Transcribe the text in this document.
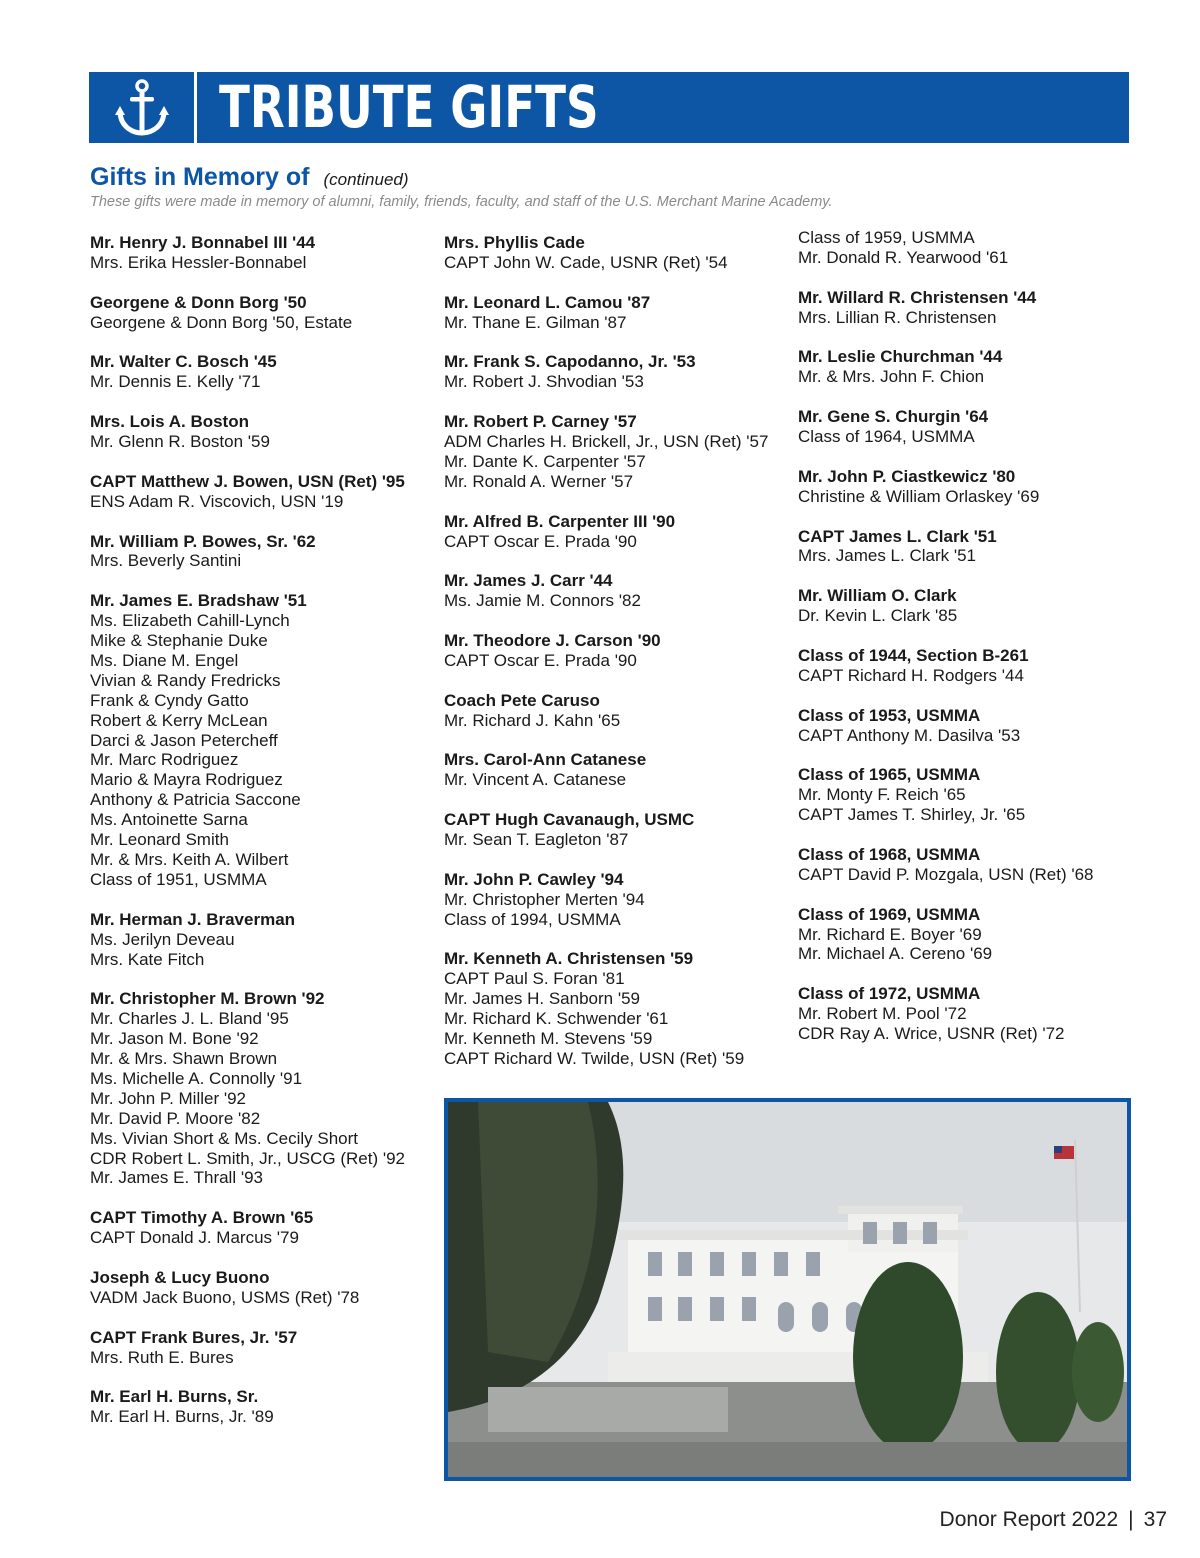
TRIBUTE GIFTS
Gifts in Memory of (continued)
These gifts were made in memory of alumni, family, friends, faculty, and staff of the U.S. Merchant Marine Academy.
Mr. Henry J. Bonnabel III '44
Mrs. Erika Hessler-Bonnabel
Georgene & Donn Borg '50
Georgene & Donn Borg '50, Estate
Mr. Walter C. Bosch '45
Mr. Dennis E. Kelly '71
Mrs. Lois A. Boston
Mr. Glenn R. Boston '59
CAPT Matthew J. Bowen, USN (Ret) '95
ENS Adam R. Viscovich, USN '19
Mr. William P. Bowes, Sr. '62
Mrs. Beverly Santini
Mr. James E. Bradshaw '51
Ms. Elizabeth Cahill-Lynch
Mike & Stephanie Duke
Ms. Diane M. Engel
Vivian & Randy Fredricks
Frank & Cyndy Gatto
Robert & Kerry McLean
Darci & Jason Petercheff
Mr. Marc Rodriguez
Mario & Mayra Rodriguez
Anthony & Patricia Saccone
Ms. Antoinette Sarna
Mr. Leonard Smith
Mr. & Mrs. Keith A. Wilbert
Class of 1951, USMMA
Mr. Herman J. Braverman
Ms. Jerilyn Deveau
Mrs. Kate Fitch
Mr. Christopher M. Brown '92
Mr. Charles J. L. Bland '95
Mr. Jason M. Bone '92
Mr. & Mrs. Shawn Brown
Ms. Michelle A. Connolly '91
Mr. John P. Miller '92
Mr. David P. Moore '82
Ms. Vivian Short & Ms. Cecily Short
CDR Robert L. Smith, Jr., USCG (Ret) '92
Mr. James E. Thrall '93
CAPT Timothy A. Brown '65
CAPT Donald J. Marcus '79
Joseph & Lucy Buono
VADM Jack Buono, USMS (Ret) '78
CAPT Frank Bures, Jr. '57
Mrs. Ruth E. Bures
Mr. Earl H. Burns, Sr.
Mr. Earl H. Burns, Jr. '89
Mrs. Phyllis Cade
CAPT John W. Cade, USNR (Ret) '54
Mr. Leonard L. Camou '87
Mr. Thane E. Gilman '87
Mr. Frank S. Capodanno, Jr. '53
Mr. Robert J. Shvodian '53
Mr. Robert P. Carney '57
ADM Charles H. Brickell, Jr., USN (Ret) '57
Mr. Dante K. Carpenter '57
Mr. Ronald A. Werner '57
Mr. Alfred B. Carpenter III '90
CAPT Oscar E. Prada '90
Mr. James J. Carr '44
Ms. Jamie M. Connors '82
Mr. Theodore J. Carson '90
CAPT Oscar E. Prada '90
Coach Pete Caruso
Mr. Richard J. Kahn '65
Mrs. Carol-Ann Catanese
Mr. Vincent A. Catanese
CAPT Hugh Cavanaugh, USMC
Mr. Sean T. Eagleton '87
Mr. John P. Cawley '94
Mr. Christopher Merten '94
Class of 1994, USMMA
Mr. Kenneth A. Christensen '59
CAPT Paul S. Foran '81
Mr. James H. Sanborn '59
Mr. Richard K. Schwender '61
Mr. Kenneth M. Stevens '59
CAPT Richard W. Twilde, USN (Ret) '59
Class of 1959, USMMA
Mr. Donald R. Yearwood '61
Mr. Willard R. Christensen '44
Mrs. Lillian R. Christensen
Mr. Leslie Churchman '44
Mr. & Mrs. John F. Chion
Mr. Gene S. Churgin '64
Class of 1964, USMMA
Mr. John P. Ciastkewicz '80
Christine & William Orlaskey '69
CAPT James L. Clark '51
Mrs. James L. Clark '51
Mr. William O. Clark
Dr. Kevin L. Clark '85
Class of 1944, Section B-261
CAPT Richard H. Rodgers '44
Class of 1953, USMMA
CAPT Anthony M. Dasilva '53
Class of 1965, USMMA
Mr. Monty F. Reich '65
CAPT James T. Shirley, Jr. '65
Class of 1968, USMMA
CAPT David P. Mozgala, USN (Ret) '68
Class of 1969, USMMA
Mr. Richard E. Boyer '69
Mr. Michael A. Cereno '69
Class of 1972, USMMA
Mr. Robert M. Pool '72
CDR Ray A. Wrice, USNR (Ret) '72
Donor Report 2022 | 37
